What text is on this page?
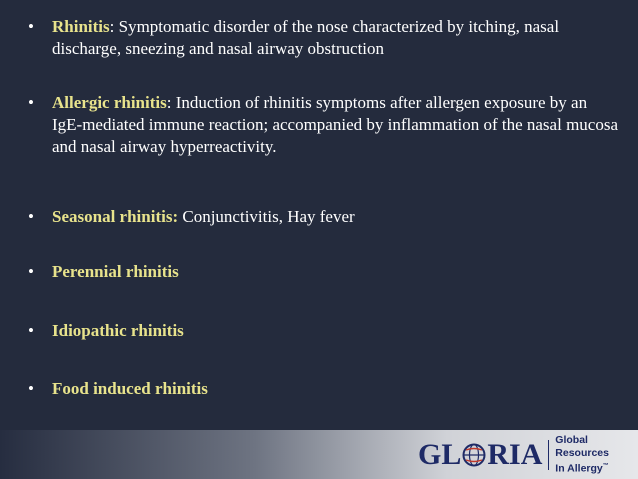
•	Rhinitis: Symptomatic disorder of the nose characterized by itching, nasal discharge, sneezing and nasal airway obstruction
•	Allergic rhinitis: Induction of rhinitis symptoms after allergen exposure by an IgE-mediated immune reaction; accompanied by inflammation of the nasal mucosa and nasal airway hyperreactivity.
•	Seasonal rhinitis: Conjunctivitis, Hay fever
•	Perennial rhinitis
•	Idiopathic rhinitis
•	Food induced rhinitis
GL RIA Global Resources
In Allergy™
